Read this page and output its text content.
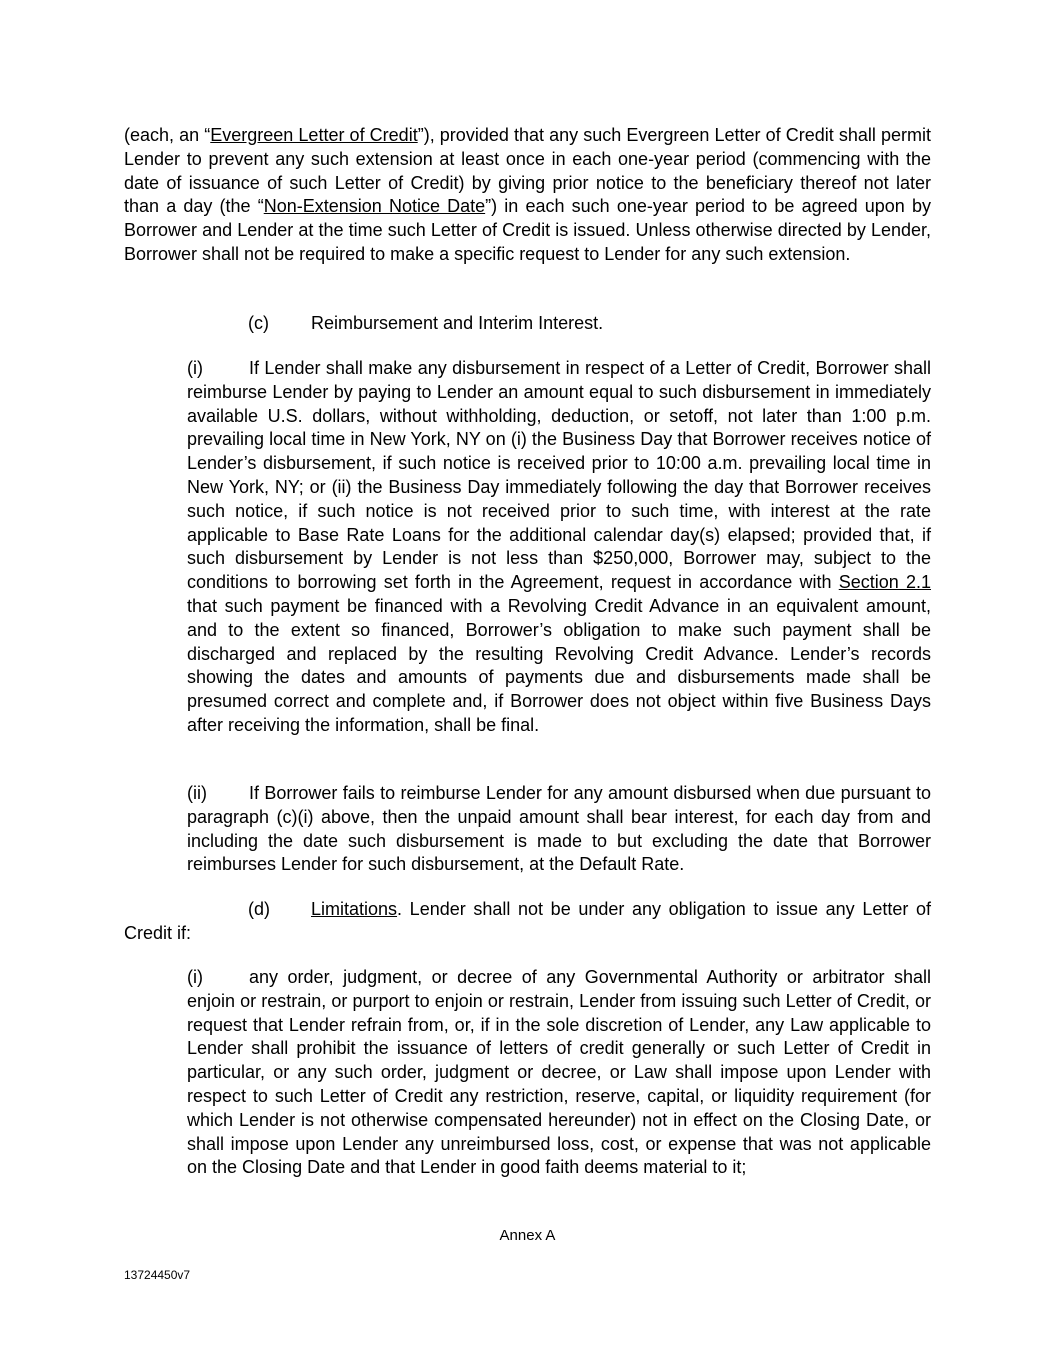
(each, an “Evergreen Letter of Credit”), provided that any such Evergreen Letter of Credit shall permit Lender to prevent any such extension at least once in each one-year period (commencing with the date of issuance of such Letter of Credit) by giving prior notice to the beneficiary thereof not later than a day (the “Non-Extension Notice Date”) in each such one-year period to be agreed upon by Borrower and Lender at the time such Letter of Credit is issued. Unless otherwise directed by Lender, Borrower shall not be required to make a specific request to Lender for any such extension.

(c) Reimbursement and Interim Interest.

(i)	If Lender shall make any disbursement in respect of a Letter of Credit, Borrower shall reimburse Lender by paying to Lender an amount equal to such disbursement in immediately available U.S. dollars, without withholding, deduction, or setoff, not later than 1:00 p.m. prevailing local time in New York, NY on (i) the Business Day that Borrower receives notice of Lender’s disbursement, if such notice is received prior to 10:00 a.m. prevailing local time in New York, NY; or (ii) the Business Day immediately following the day that Borrower receives such notice, if such notice is not received prior to such time, with interest at the rate applicable to Base Rate Loans for the additional calendar day(s) elapsed; provided that, if such disbursement by Lender is not less than $250,000, Borrower may, subject to the conditions to borrowing set forth in the Agreement, request in accordance with Section 2.1 that such payment be financed with a Revolving Credit Advance in an equivalent amount, and to the extent so financed, Borrower’s obligation to make such payment shall be discharged and replaced by the resulting Revolving Credit Advance. Lender’s records showing the dates and amounts of payments due and disbursements made shall be presumed correct and complete and, if Borrower does not object within five Business Days after receiving the information, shall be final.

(ii) If Borrower fails to reimburse Lender for any amount disbursed when due pursuant to paragraph (c)(i) above, then the unpaid amount shall bear interest, for each day from and including the date such disbursement is made to but excluding the date that Borrower reimburses Lender for such disbursement, at the Default Rate.

(d) Limitations. Lender shall not be under any obligation to issue any Letter of
Credit if:

(i)	any order, judgment, or decree of any Governmental Authority or arbitrator shall enjoin or restrain, or purport to enjoin or restrain, Lender from issuing such Letter of Credit, or request that Lender refrain from, or, if in the sole discretion of Lender, any Law applicable to Lender shall prohibit the issuance of letters of credit generally or such Letter of Credit in particular, or any such order, judgment or decree, or Law shall impose upon Lender with respect to such Letter of Credit any restriction, reserve, capital, or liquidity requirement (for which Lender is not otherwise compensated hereunder) not in effect on the Closing Date, or shall impose upon Lender any unreimbursed loss, cost, or expense that was not applicable on the Closing Date and that Lender in good faith deems material to it;

Annex A
13724450v7
